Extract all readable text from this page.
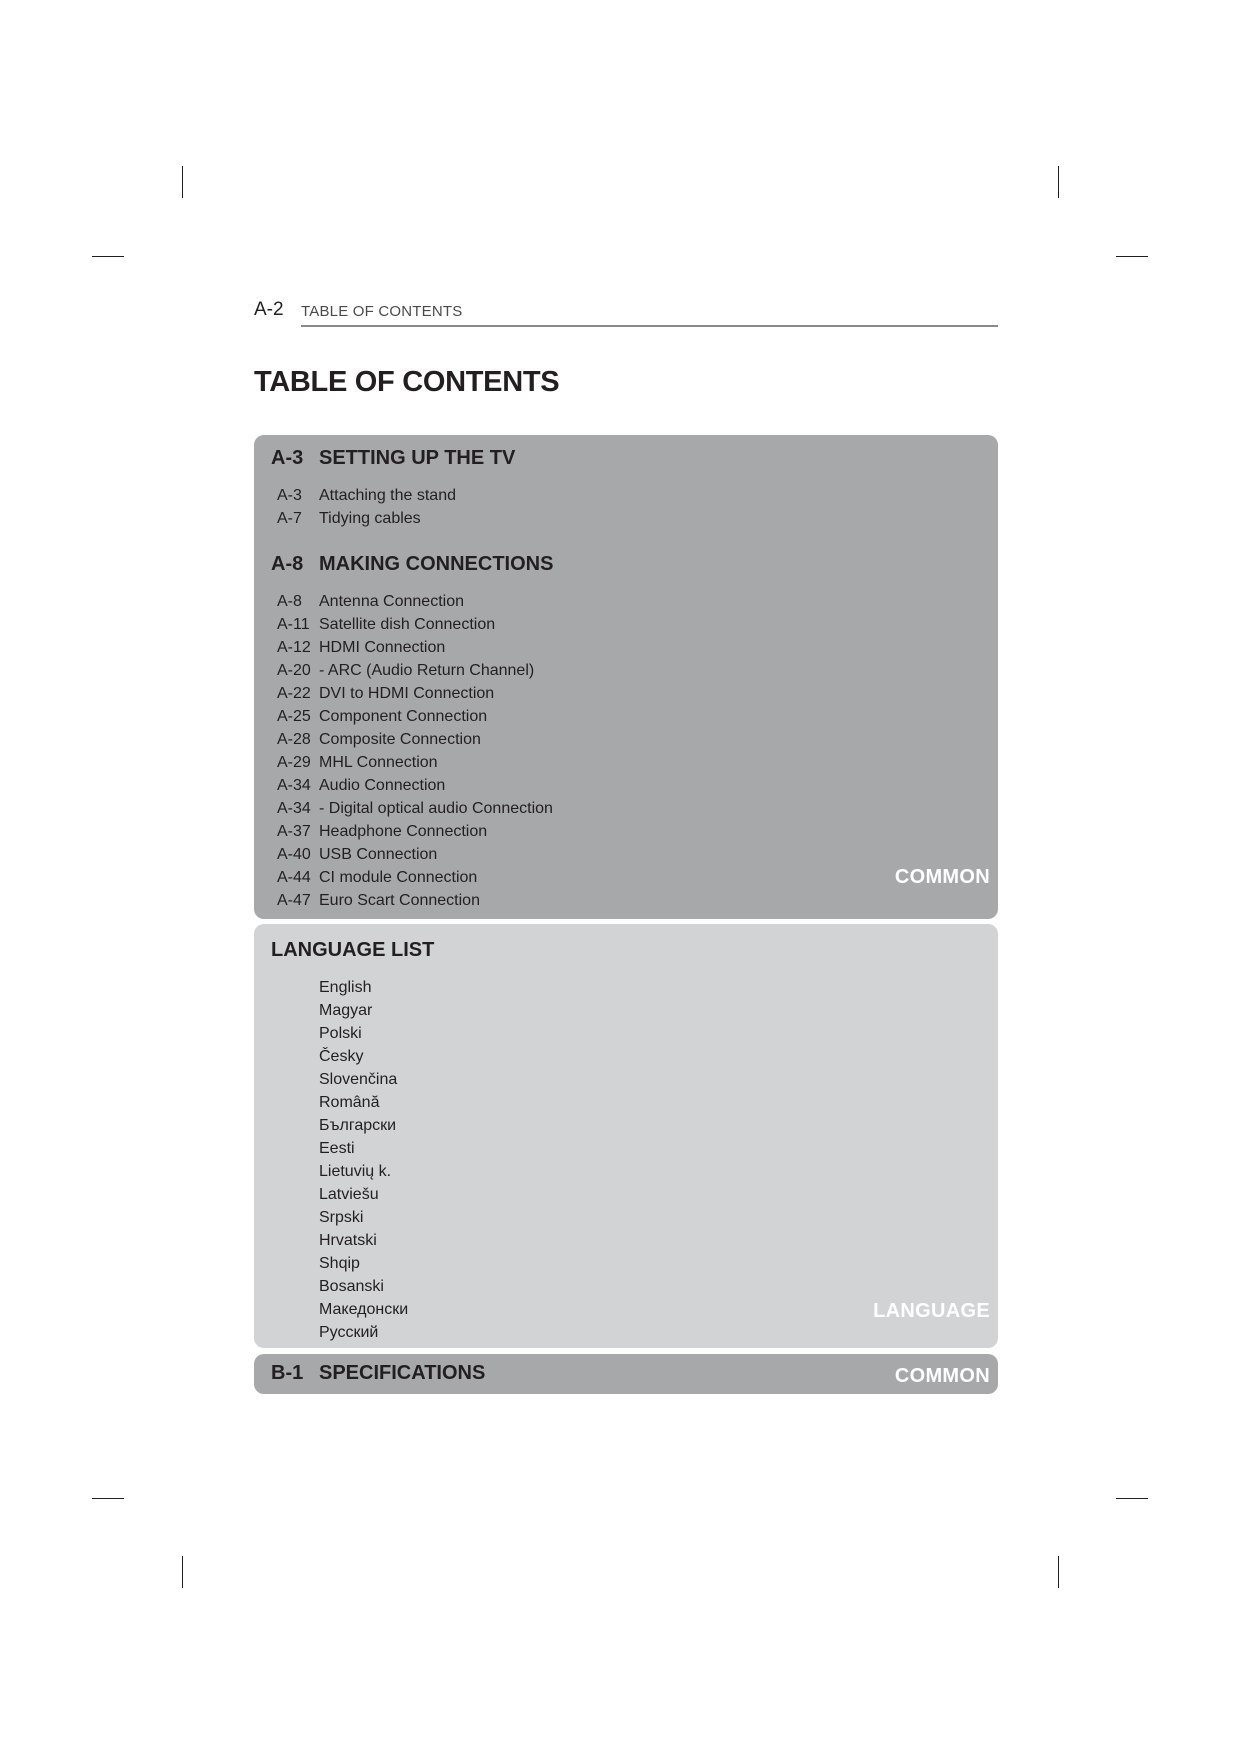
A-2 TABLE OF CONTENTS
TABLE OF CONTENTS
A-3 SETTING UP THE TV
A-3 Attaching the stand
A-7 Tidying cables
A-8 MAKING CONNECTIONS
A-8 Antenna Connection
A-11 Satellite dish Connection
A-12 HDMI Connection
A-20 - ARC (Audio Return Channel)
A-22 DVI to HDMI Connection
A-25 Component Connection
A-28 Composite Connection
A-29 MHL Connection
A-34 Audio Connection
A-34 - Digital optical audio Connection
A-37 Headphone Connection
A-40 USB Connection
A-44 CI module Connection
A-47 Euro Scart Connection
COMMON
LANGUAGE LIST
English
Magyar
Polski
Česky
Slovenčina
Română
Български
Eesti
Lietuvių k.
Latviešu
Srpski
Hrvatski
Shqip
Bosanski
Македонски
Русский
LANGUAGE
B-1 SPECIFICATIONS	COMMON
